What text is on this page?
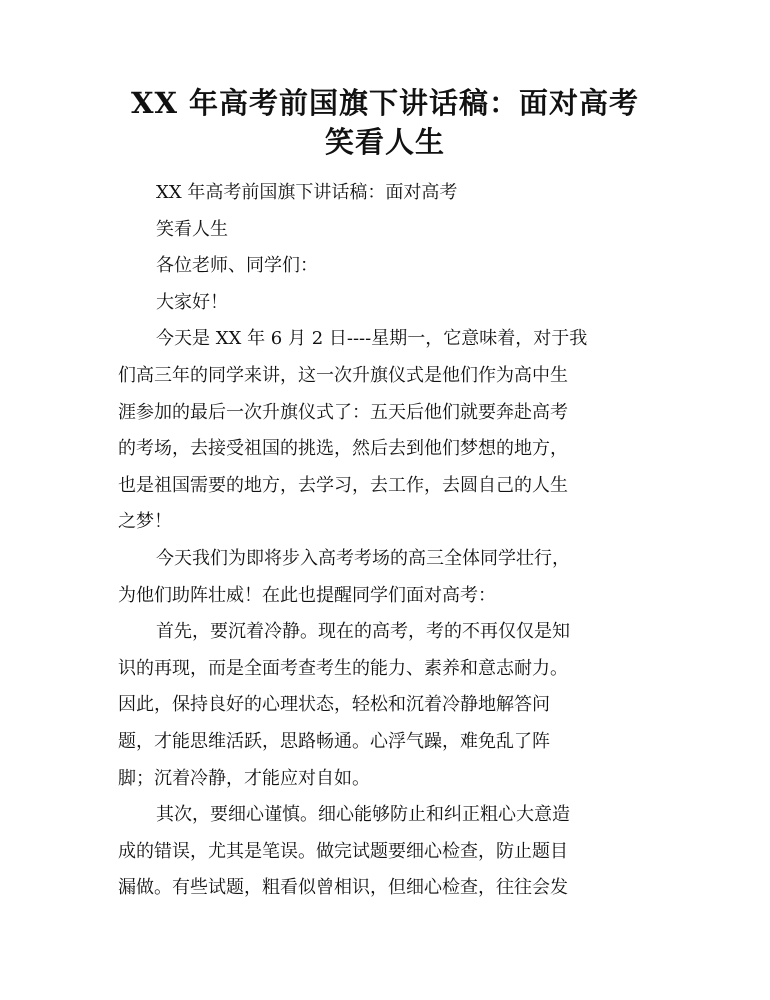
XX 年高考前国旗下讲话稿：面对高考
笑看人生

XX 年高考前国旗下讲话稿：面对高考

笑看人生

各位老师、同学们：

大家好！

今天是 XX 年 6 月 2 日----星期一，它意味着，对于我
们高三年的同学来讲，这一次升旗仪式是他们作为高中生
涯参加的最后一次升旗仪式了：五天后他们就要奔赴高考
的考场，去接受祖国的挑选，然后去到他们梦想的地方，
也是祖国需要的地方，去学习，去工作，去圆自己的人生
之梦！

今天我们为即将步入高考考场的高三全体同学壮行，
为他们助阵壮威！在此也提醒同学们面对高考：

首先，要沉着冷静。现在的高考，考的不再仅仅是知
识的再现，而是全面考查考生的能力、素养和意志耐力。
因此，保持良好的心理状态，轻松和沉着冷静地解答问
题，才能思维活跃，思路畅通。心浮气躁，难免乱了阵
脚；沉着冷静，才能应对自如。

其次，要细心谨慎。细心能够防止和纠正粗心大意造
成的错误，尤其是笔误。做完试题要细心检查，防止题目
漏做。有些试题，粗看似曾相识，但细心检查，往往会发
